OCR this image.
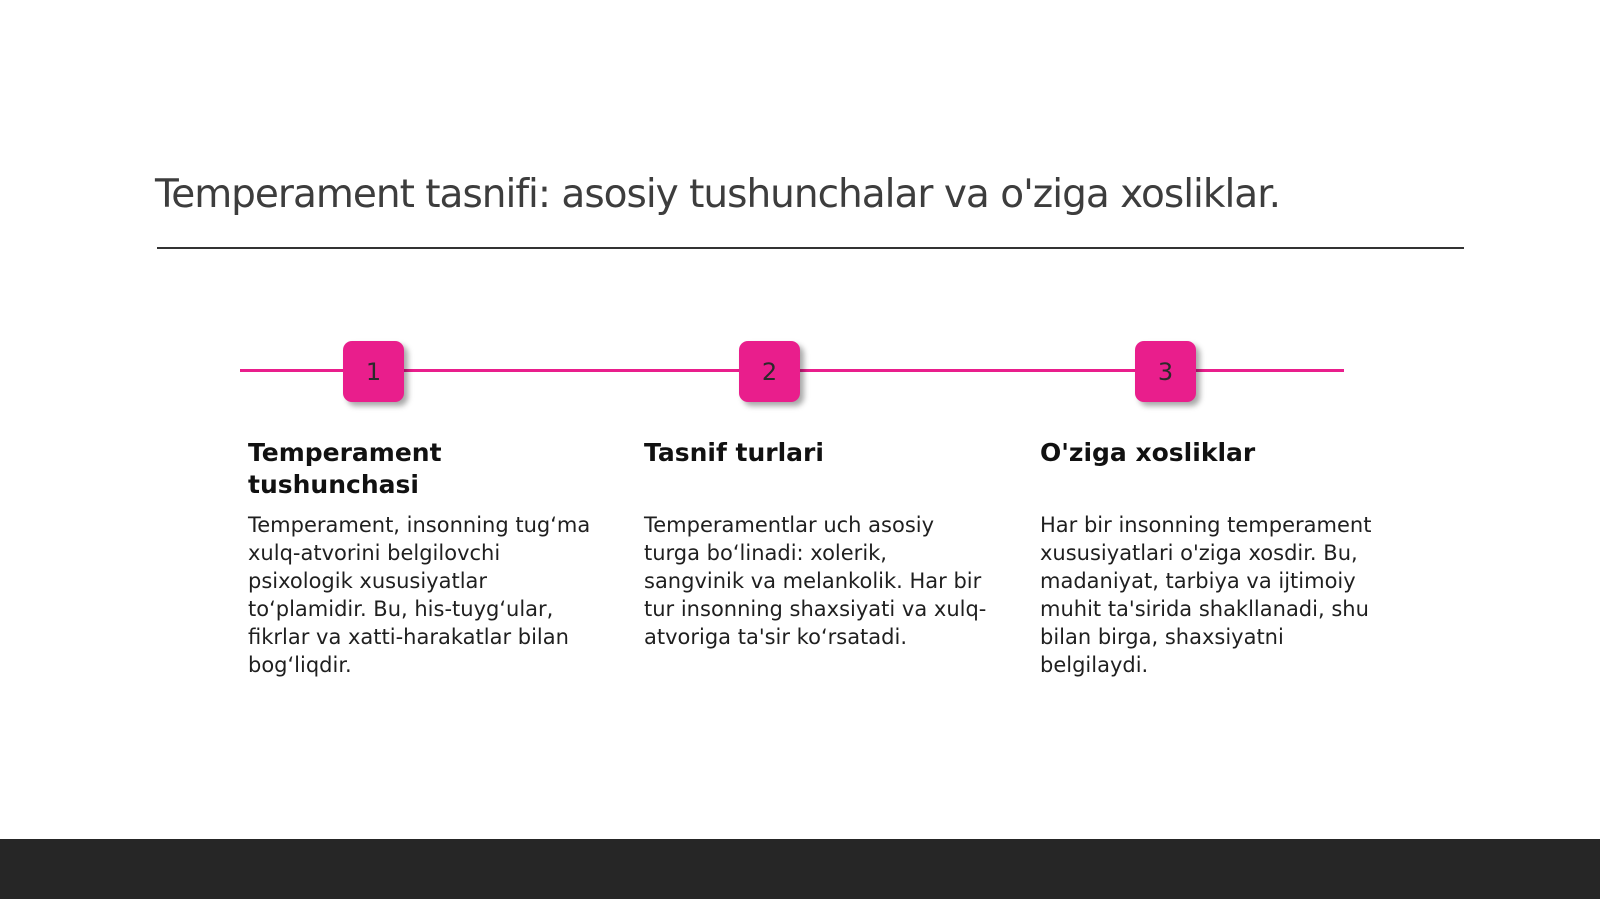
Temperament tasnifi: asosiy tushunchalar va o'ziga xosliklar.
1	2	3
Temperament tushunchasi

Temperament, insonning tug‘ma xulq-atvorini belgilovchi psixologik xususiyatlar to‘plamidir. Bu, his-tuyg‘ular, fikrlar va xatti-harakatlar bilan bog‘liqdir.

Tasnif turlari

Temperamentlar uch asosiy turga bo‘linadi: xolerik, sangvinik va melankolik. Har bir tur insonning shaxsiyati va xulq-atvoriga ta'sir ko‘rsatadi.

O'ziga xosliklar

Har bir insonning temperament xususiyatlari o'ziga xosdir. Bu, madaniyat, tarbiya va ijtimoiy muhit ta'sirida shakllanadi, shu bilan birga, shaxsiyatni belgilaydi.
